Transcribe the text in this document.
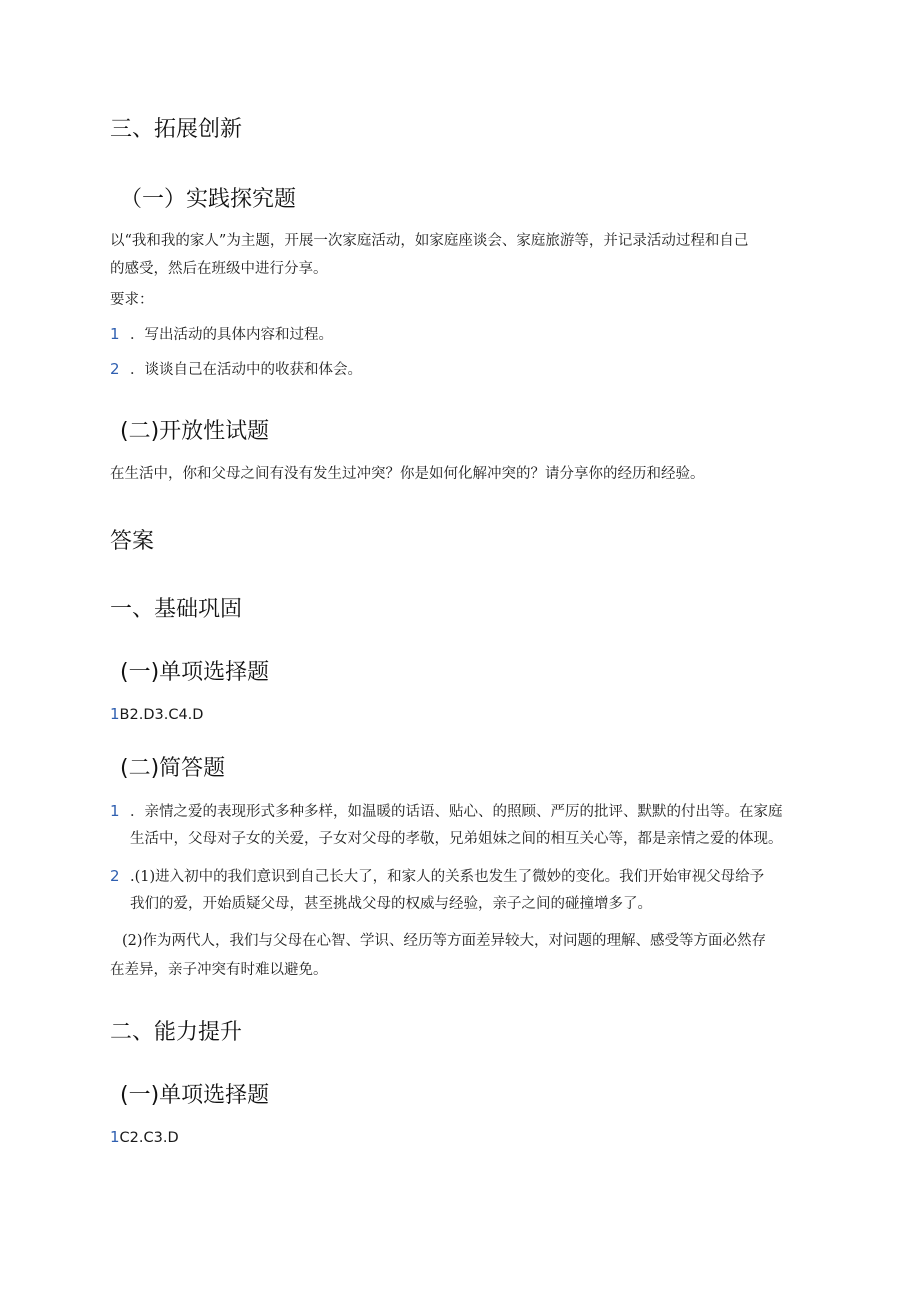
三、拓展创新
（一）实践探究题

以“我和我的家人”为主题，开展一次家庭活动，如家庭座谈会、家庭旅游等，并记录活动过程和自己

的感受，然后在班级中进行分享。

要求：

1 ．写出活动的具体内容和过程。

2 ．谈谈自己在活动中的收获和体会。

(二)开放性试题

在生活中，你和父母之间有没有发生过冲突？你是如何化解冲突的？请分享你的经历和经验。

答案
一、基础巩固
(一)单项选择题

1B2.D3.C4.D

(二)简答题

1 ．亲情之爱的表现形式多种多样，如温暖的话语、贴心、的照顾、严厉的批评、默默的付出等。在家庭

生活中，父母对子女的关爱，子女对父母的孝敬，兄弟姐妹之间的相互关心等，都是亲情之爱的体现。

2 .(1)进入初中的我们意识到自己长大了，和家人的关系也发生了微妙的变化。我们开始审视父母给予

我们的爱，开始质疑父母，甚至挑战父母的权威与经验，亲子之间的碰撞增多了。

(2)作为两代人，我们与父母在心智、学识、经历等方面差异较大，对问题的理解、感受等方面必然存

在差异，亲子冲突有时难以避免。

二、能力提升
(一)单项选择题

1C2.C3.D
